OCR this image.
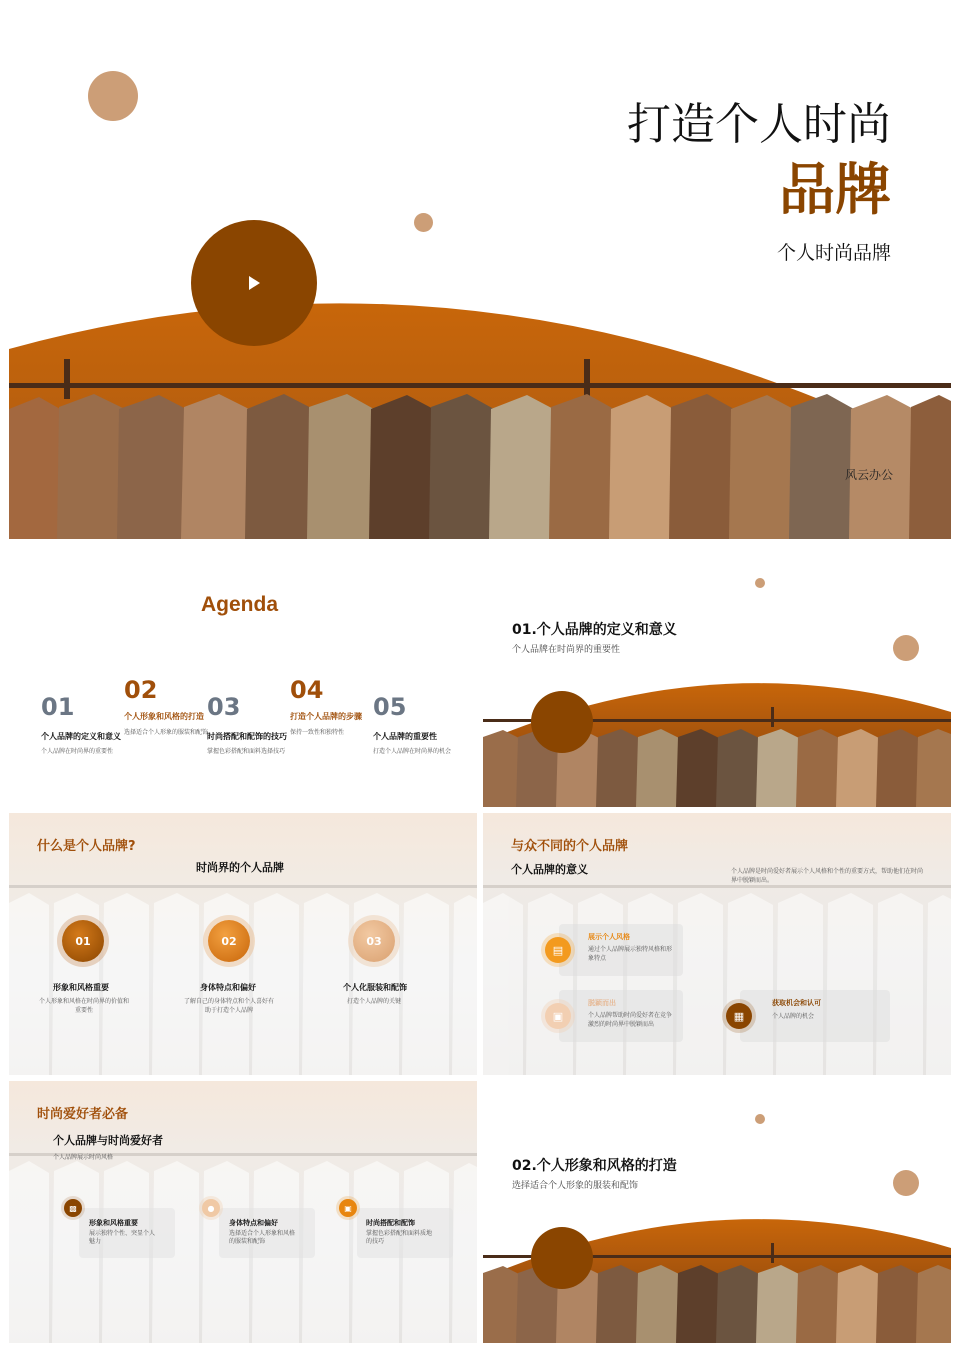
打造个人时尚
品牌
个人时尚品牌
风云办公
Agenda
01
个人品牌的定义和意义
个人品牌在时尚界的重要性
02
个人形象和风格的打造
选择适合个人形象的服装和配饰
03
时尚搭配和配饰的技巧
掌握色彩搭配和面料选择技巧
04
打造个人品牌的步骤
保持一致性和独特性
05
个人品牌的重要性
打造个人品牌在时尚界的机会
01.个人品牌的定义和意义
个人品牌在时尚界的重要性
什么是个人品牌?
时尚界的个人品牌
01
形象和风格重要
个人形象和风格在时尚界的价值和重要性
02
身体特点和偏好
了解自己的身体特点和个人喜好有助于打造个人品牌
03
个人化服装和配饰
打造个人品牌的关键
与众不同的个人品牌
个人品牌的意义	个人品牌是时尚爱好者展示个人风格和个性的重要方式，帮助他们在时尚界中脱颖而出。
▤
展示个人风格
通过个人品牌展示独特风格和形象特点
▣
脱颖而出
个人品牌帮助时尚爱好者在竞争激烈的时尚界中脱颖而出
▦
获取机会和认可
个人品牌的机会
时尚爱好者必备
个人品牌与时尚爱好者
个人品牌展示时尚风格
▩
形象和风格重要
展示独特个性、突显个人魅力
●
身体特点和偏好
选择适合个人形象和风格的服装和配饰
▣
时尚搭配和配饰
掌握色彩搭配和面料质地的技巧
02.个人形象和风格的打造
选择适合个人形象的服装和配饰
